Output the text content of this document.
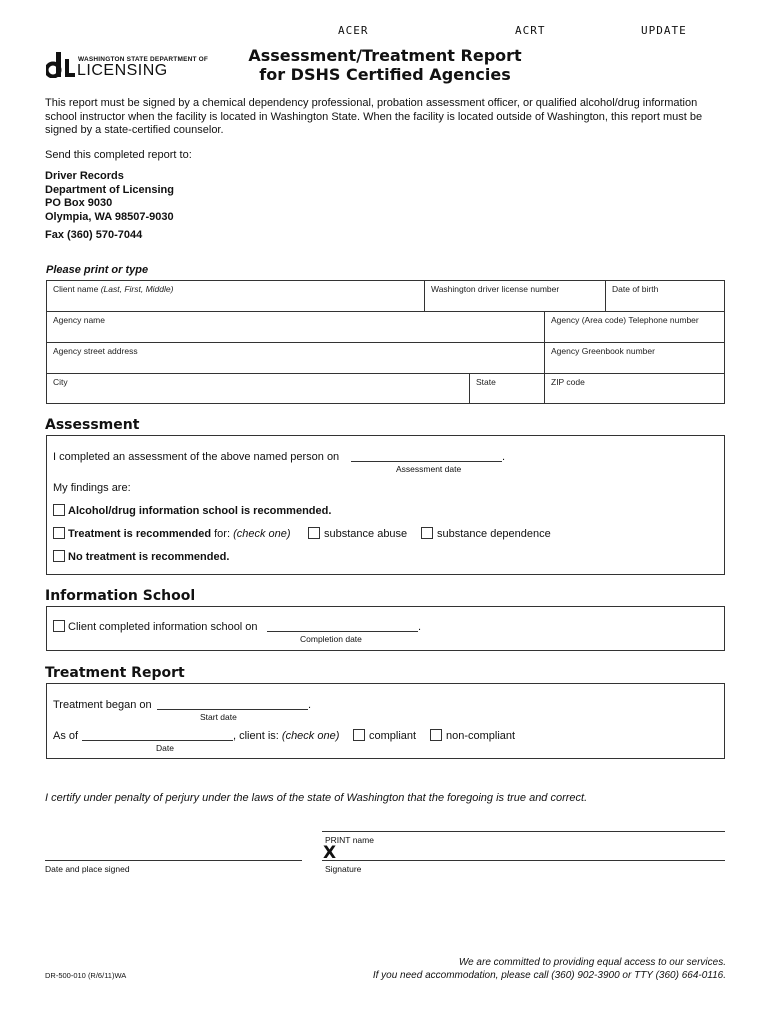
ACER	ACRT	UPDATE
WASHINGTON STATE DEPARTMENT OF
LICENSING
Assessment/Treatment Report
for DSHS Certified Agencies
This report must be signed by a chemical dependency professional, probation assessment officer, or qualified alcohol/drug information school instructor when the facility is located in Washington State. When the facility is located outside of Washington, this report must be signed by a state-certified counselor.
Send this completed report to:
Driver Records
Department of Licensing
PO Box 9030
Olympia, WA 98507-9030
Fax (360) 570-7044
Please print or type
Client name (Last, First, Middle)	Washington driver license number	Date of birth
Agency name	Agency (Area code) Telephone number
Agency street address	Agency Greenbook number
City	State	ZIP code
Assessment
I completed an assessment of the above named person on	.
Assessment date
My findings are:
Alcohol/drug information school is recommended.
Treatment is recommended for: (check one)	substance abuse	substance dependence
No treatment is recommended.
Information School
Client completed information school on	.
Completion date
Treatment Report
Treatment began on	.
Start date
As of	, client is: (check one)
Date
compliant	non-compliant
I certify under penalty of perjury under the laws of the state of Washington that the foregoing is true and correct.
PRINT name
X
Date and place signed	Signature
DR-500-010 (R/6/11)WA
We are committed to providing equal access to our services.
If you need accommodation, please call (360) 902-3900 or TTY (360) 664-0116.
